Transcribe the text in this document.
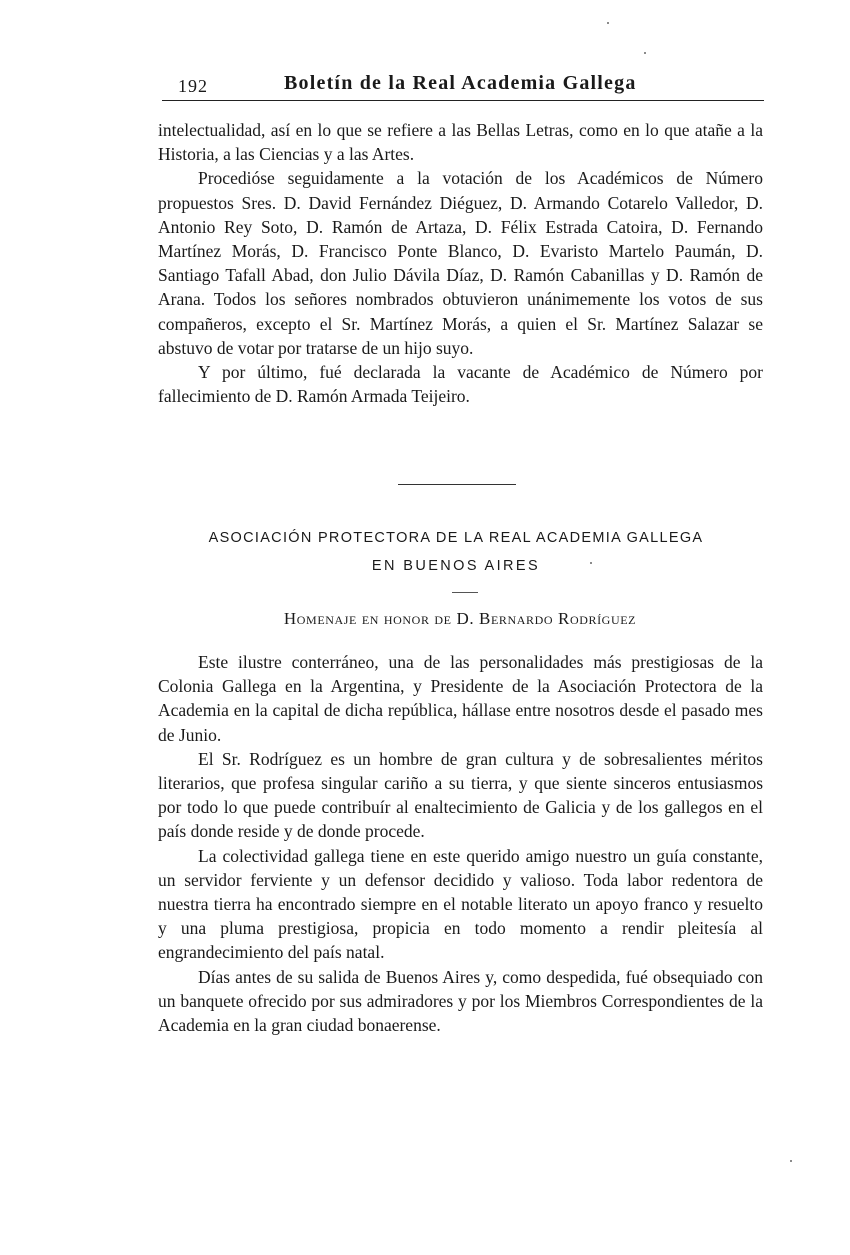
192	Boletín de la Real Academia Gallega

intelectualidad, así en lo que se refiere a las Bellas Letras, como en lo que atañe a la Historia, a las Ciencias y a las Artes.

Procedióse seguidamente a la votación de los Académicos de Número propuestos Sres. D. David Fernández Diéguez, D. Armando Cotarelo Valledor, D. Antonio Rey Soto, D. Ramón de Artaza, D. Félix Estrada Catoira, D. Fernando Martínez Morás, D. Francisco Ponte Blanco, D. Evaristo Martelo Paumán, D. Santiago Tafall Abad, don Julio Dávila Díaz, D. Ramón Cabanillas y D. Ramón de Arana. Todos los señores nombrados obtuvieron unánimemente los votos de sus compañeros, excepto el Sr. Martínez Morás, a quien el Sr. Martínez Salazar se abstuvo de votar por tratarse de un hijo suyo.

Y por último, fué declarada la vacante de Académico de Número por fallecimiento de D. Ramón Armada Teijeiro.

ASOCIACIÓN PROTECTORA DE LA REAL ACADEMIA GALLEGA
EN BUENOS AIRES
Homenaje en honor de D. Bernardo Rodríguez

Este ilustre conterráneo, una de las personalidades más prestigiosas de la Colonia Gallega en la Argentina, y Presidente de la Asociación Protectora de la Academia en la capital de dicha república, hállase entre nosotros desde el pasado mes de Junio.

El Sr. Rodríguez es un hombre de gran cultura y de sobresalientes méritos literarios, que profesa singular cariño a su tierra, y que siente sinceros entusiasmos por todo lo que puede contribuír al enaltecimiento de Galicia y de los gallegos en el país donde reside y de donde procede.

La colectividad gallega tiene en este querido amigo nuestro un guía constante, un servidor ferviente y un defensor decidido y valioso. Toda labor redentora de nuestra tierra ha encontrado siempre en el notable literato un apoyo franco y resuelto y una pluma prestigiosa, propicia en todo momento a rendir pleitesía al engrandecimiento del país natal.

Días antes de su salida de Buenos Aires y, como despedida, fué obsequiado con un banquete ofrecido por sus admiradores y por los Miembros Correspondientes de la Academia en la gran ciudad bonaerense.
